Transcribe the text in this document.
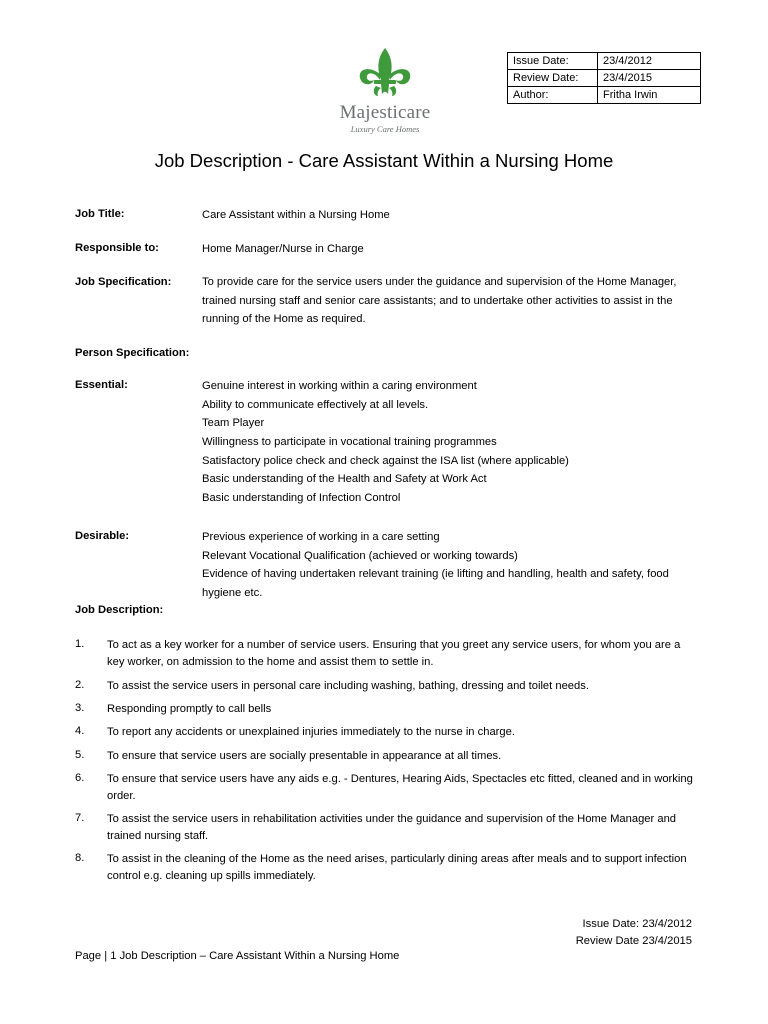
Majesticare
Luxury Care Homes
Issue Date:	23/4/2012
Review Date:	23/4/2015
Author:	Fritha Irwin
Job Description - Care Assistant Within a Nursing Home
Job Title:	Care Assistant within a Nursing Home
Responsible to:	Home Manager/Nurse in Charge
Job Specification:	To provide care for the service users under the guidance and supervision of the Home Manager, trained nursing staff and senior care assistants; and to undertake other activities to assist in the running of the Home as required.
Person Specification:
Essential:	Genuine interest in working within a caring environment
Ability to communicate effectively at all levels.
Team Player
Willingness to participate in vocational training programmes
Satisfactory police check and check against the ISA list (where applicable)
Basic understanding of the Health and Safety at Work Act
Basic understanding of Infection Control
Desirable:	Previous experience of working in a care setting
Relevant Vocational Qualification (achieved or working towards)
Evidence of having undertaken relevant training (ie lifting and handling, health and safety, food hygiene etc.
Job Description:
1.	To act as a key worker for a number of service users. Ensuring that you greet any service users, for whom you are a key worker, on admission to the home and assist them to settle in.
2.	To assist the service users in personal care including washing, bathing, dressing and toilet needs.
3.	Responding promptly to call bells
4.	To report any accidents or unexplained injuries immediately to the nurse in charge.
5.	To ensure that service users are socially presentable in appearance at all times.
6.	To ensure that service users have any aids e.g. - Dentures, Hearing Aids, Spectacles etc fitted, cleaned and in working order.
7.	To assist the service users in rehabilitation activities under the guidance and supervision of the Home Manager and trained nursing staff.
8.	To assist in the cleaning of the Home as the need arises, particularly dining areas after meals and to support infection control e.g. cleaning up spills immediately.
Issue Date: 23/4/2012
Review Date 23/4/2015
Page | 1 Job Description – Care Assistant Within a Nursing Home
